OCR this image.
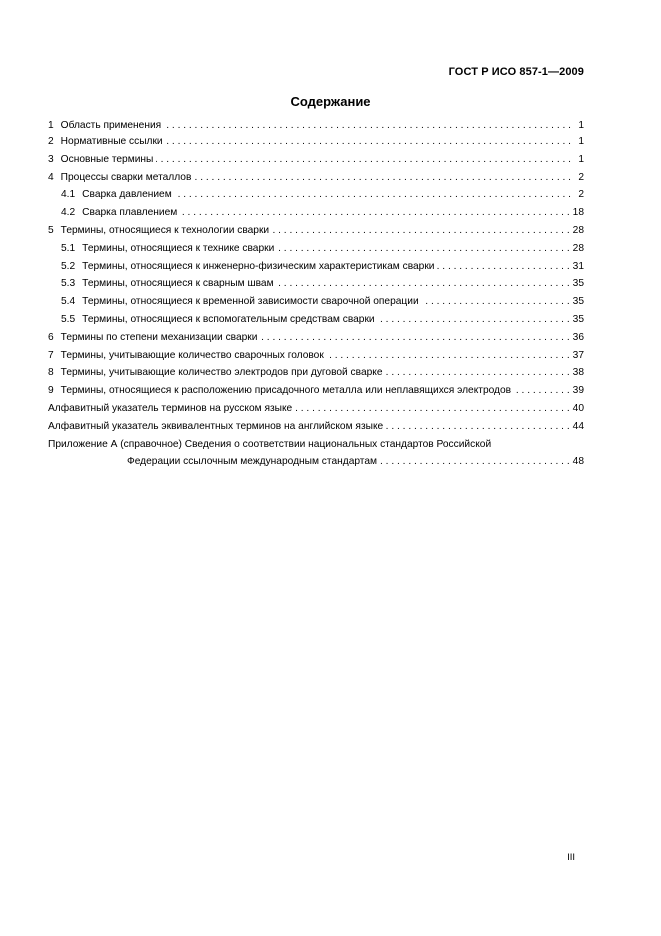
ГОСТ Р ИСО 857-1—2009
Содержание
1 Область применения . . .	1
2 Нормативные ссылки . . .	1
3 Основные термины . . .	1
4 Процессы сварки металлов . . .	2
4.1 Сварка давлением . . .	2
4.2 Сварка плавлением . . .	18
5 Термины, относящиеся к технологии сварки . . .	28
5.1 Термины, относящиеся к технике сварки . . .	28
5.2 Термины, относящиеся к инженерно-физическим характеристикам сварки . . .	31
5.3 Термины, относящиеся к сварным швам . . .	35
5.4 Термины, относящиеся к временной зависимости сварочной операции . . .	35
5.5 Термины, относящиеся к вспомогательным средствам сварки . . .	35
6 Термины по степени механизации сварки . . .	36
7 Термины, учитывающие количество сварочных головок . . .	37
8 Термины, учитывающие количество электродов при дуговой сварке . . .	38
9 Термины, относящиеся к расположению присадочного металла или неплавящихся электродов . . .	39
Алфавитный указатель терминов на русском языке . . .	40
Алфавитный указатель эквивалентных терминов на английском языке . . .	44
Приложение А (справочное) Сведения о соответствии национальных стандартов Российской
Федерации ссылочным международным стандартам . . .	48
III
